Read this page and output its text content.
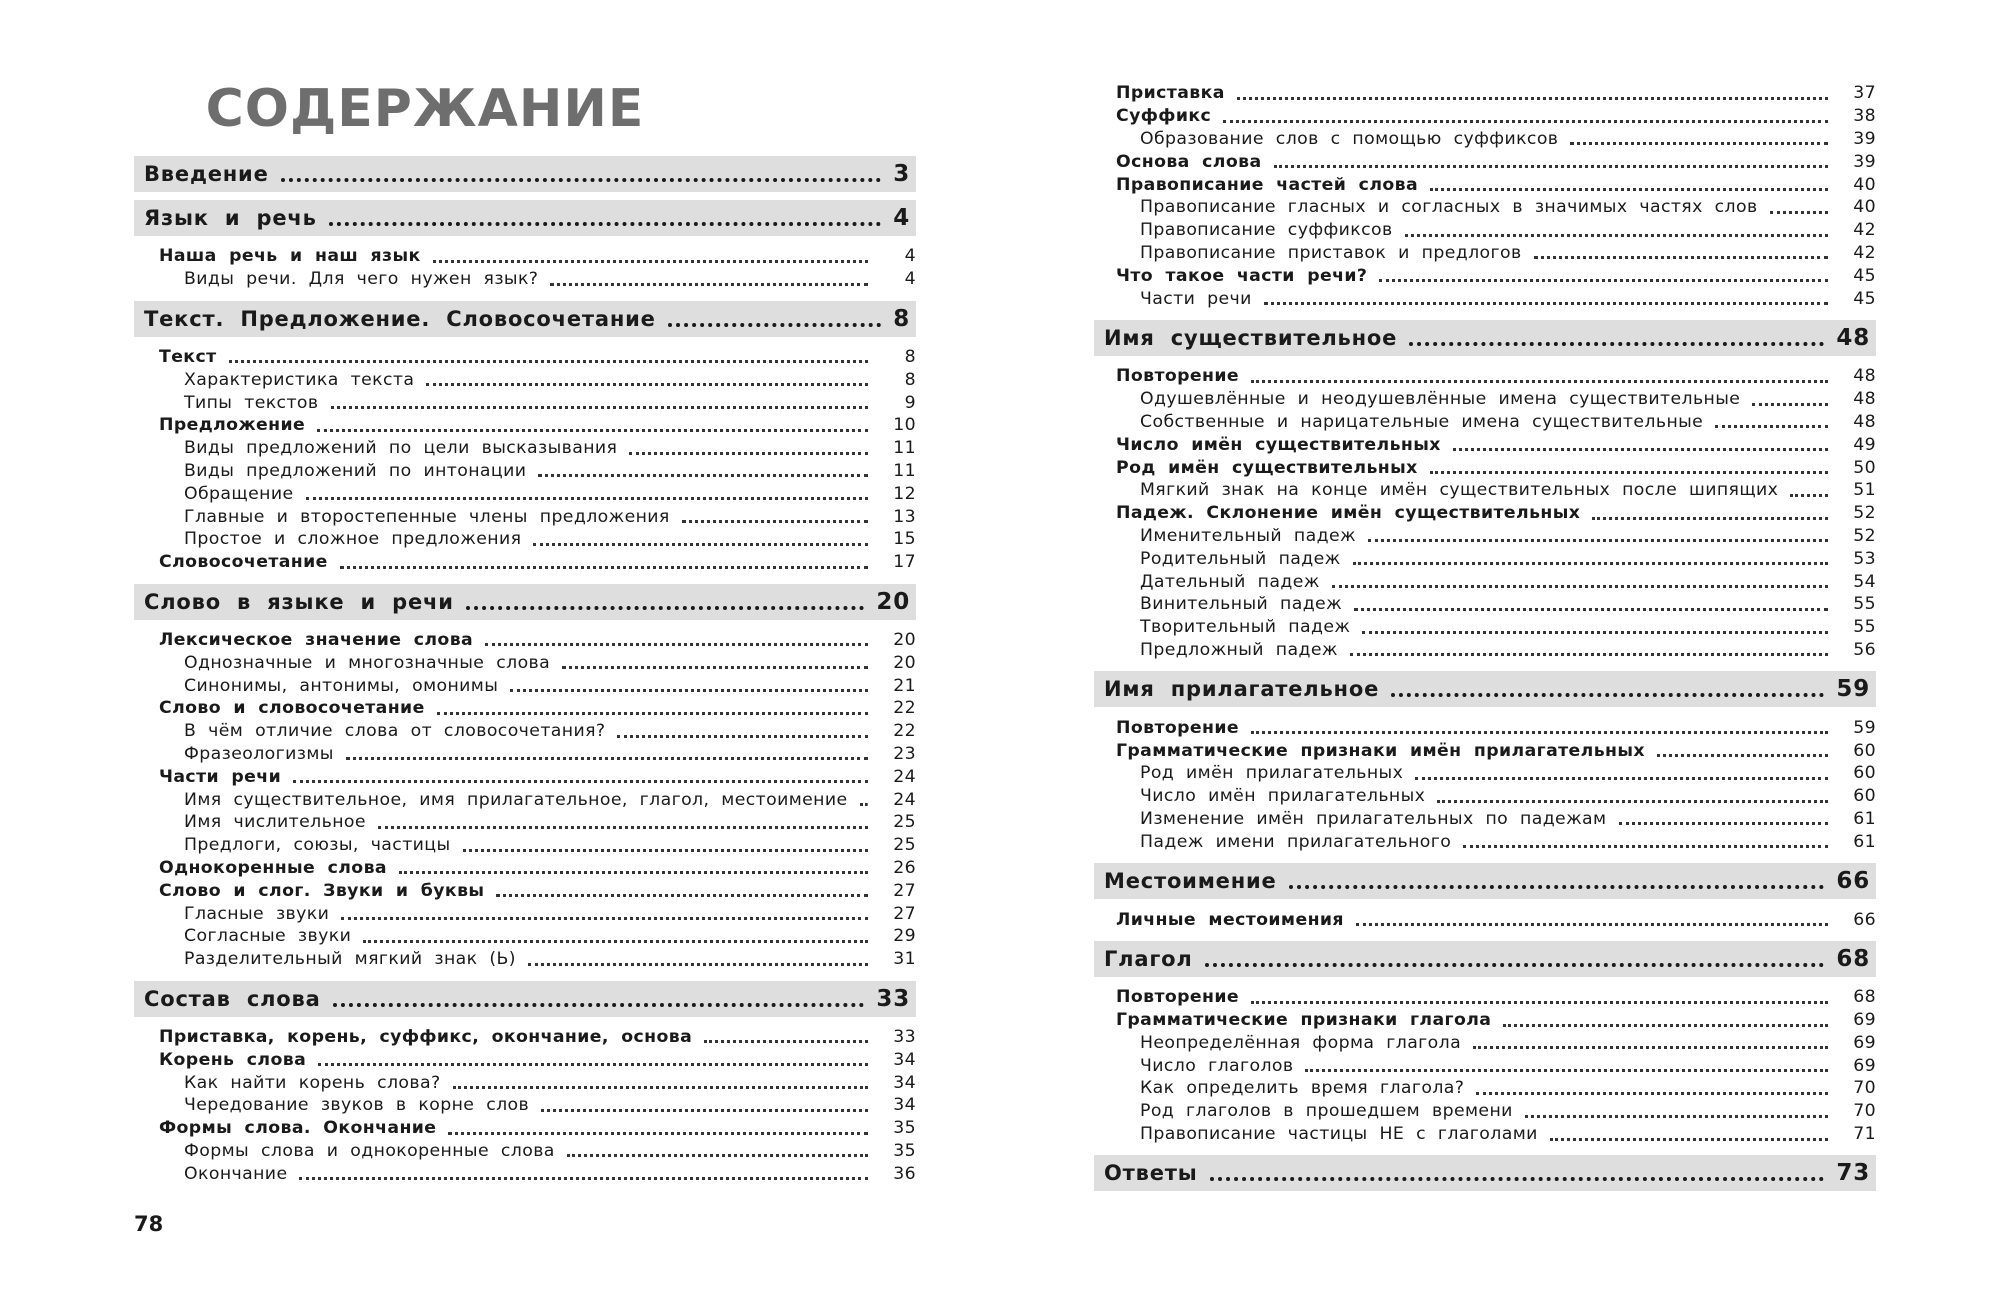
СОДЕРЖАНИЕ
Введение	3
Язык и речь	4
Наша речь и наш язык	4
Виды речи. Для чего нужен язык?	4
Текст. Предложение. Словосочетание	8
Текст	8
Характеристика текста	8
Типы текстов	9
Предложение	10
Виды предложений по цели высказывания	11
Виды предложений по интонации	11
Обращение	12
Главные и второстепенные члены предложения	13
Простое и сложное предложения	15
Словосочетание	17
Слово в языке и речи	20
Лексическое значение слова	20
Однозначные и многозначные слова	20
Синонимы, антонимы, омонимы	21
Слово и словосочетание	22
В чём отличие слова от словосочетания?	22
Фразеологизмы	23
Части речи	24
Имя существительное, имя прилагательное, глагол, местоимение	24
Имя числительное	25
Предлоги, союзы, частицы	25
Однокоренные слова	26
Слово и слог. Звуки и буквы	27
Гласные звуки	27
Согласные звуки	29
Разделительный мягкий знак (Ь)	31
Состав слова	33
Приставка, корень, суффикс, окончание, основа	33
Корень слова	34
Как найти корень слова?	34
Чередование звуков в корне слов	34
Формы слова. Окончание	35
Формы слова и однокоренные слова	35
Окончание	36
Приставка	37
Суффикс	38
Образование слов с помощью суффиксов	39
Основа слова	39
Правописание частей слова	40
Правописание гласных и согласных в значимых частях слов	40
Правописание суффиксов	42
Правописание приставок и предлогов	42
Что такое части речи?	45
Части речи	45
Имя существительное	48
Повторение	48
Одушевлённые и неодушевлённые имена существительные	48
Собственные и нарицательные имена существительные	48
Число имён существительных	49
Род имён существительных	50
Мягкий знак на конце имён существительных после шипящих	51
Падеж. Склонение имён существительных	52
Именительный падеж	52
Родительный падеж	53
Дательный падеж	54
Винительный падеж	55
Творительный падеж	55
Предложный падеж	56
Имя прилагательное	59
Повторение	59
Грамматические признаки имён прилагательных	60
Род имён прилагательных	60
Число имён прилагательных	60
Изменение имён прилагательных по падежам	61
Падеж имени прилагательного	61
Местоимение	66
Личные местоимения	66
Глагол	68
Повторение	68
Грамматические признаки глагола	69
Неопределённая форма глагола	69
Число глаголов	69
Как определить время глагола?	70
Род глаголов в прошедшем времени	70
Правописание частицы НЕ с глаголами	71
Ответы	73
78
